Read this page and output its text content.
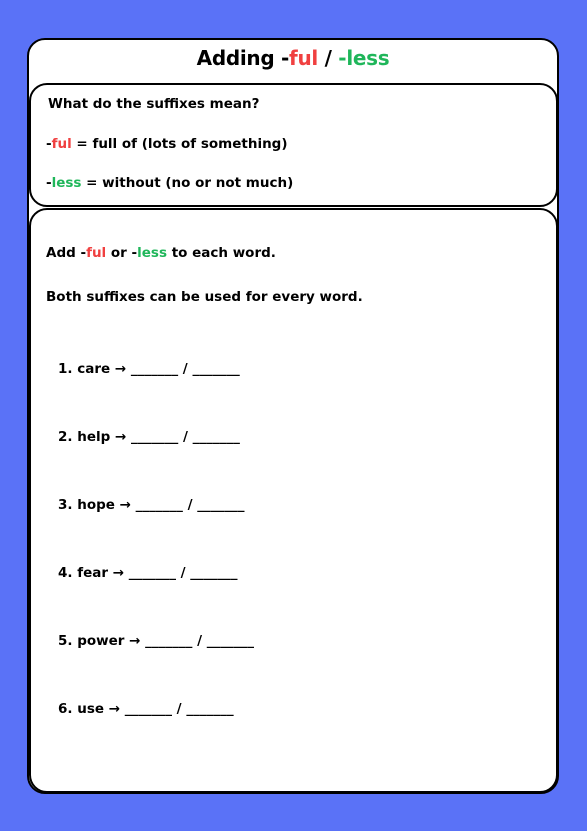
Adding -ful / -less
What do the suffixes mean?
-ful = full of (lots of something)
-less = without (no or not much)
Add -ful or -less to each word.
Both suffixes can be used for every word.
1. care → _______ / _______
2. help → _______ / _______
3. hope → _______ / _______
4. fear → _______ / _______
5. power → _______ / _______
6. use → _______ / _______
